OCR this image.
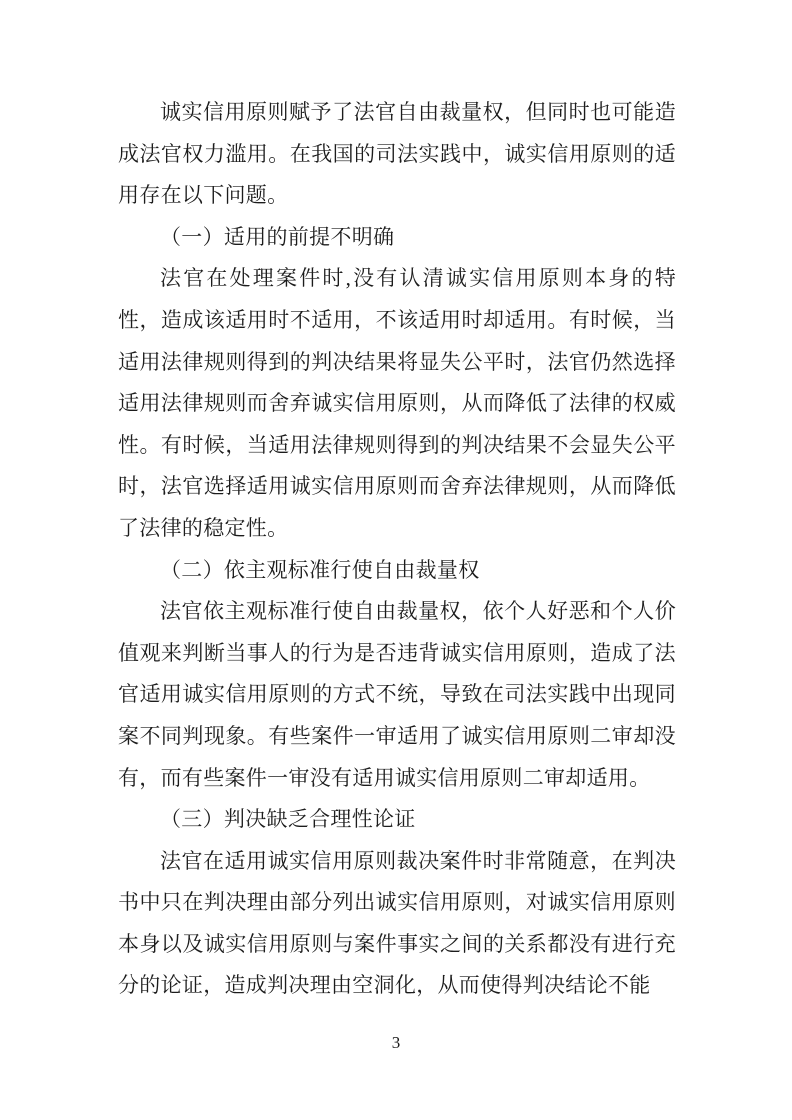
诚实信用原则赋予了法官自由裁量权，但同时也可能造成法官权力滥用。在我国的司法实践中，诚实信用原则的适用存在以下问题。

（一）适用的前提不明确

法官在处理案件时,没有认清诚实信用原则本身的特性，造成该适用时不适用，不该适用时却适用。有时候，当适用法律规则得到的判决结果将显失公平时，法官仍然选择适用法律规则而舍弃诚实信用原则，从而降低了法律的权威性。有时候，当适用法律规则得到的判决结果不会显失公平时，法官选择适用诚实信用原则而舍弃法律规则，从而降低了法律的稳定性。

（二）依主观标准行使自由裁量权

法官依主观标准行使自由裁量权，依个人好恶和个人价值观来判断当事人的行为是否违背诚实信用原则，造成了法官适用诚实信用原则的方式不统，导致在司法实践中出现同案不同判现象。有些案件一审适用了诚实信用原则二审却没有，而有些案件一审没有适用诚实信用原则二审却适用。

（三）判决缺乏合理性论证

法官在适用诚实信用原则裁决案件时非常随意，在判决书中只在判决理由部分列出诚实信用原则，对诚实信用原则本身以及诚实信用原则与案件事实之间的关系都没有进行充分的论证，造成判决理由空洞化，从而使得判决结论不能

3
